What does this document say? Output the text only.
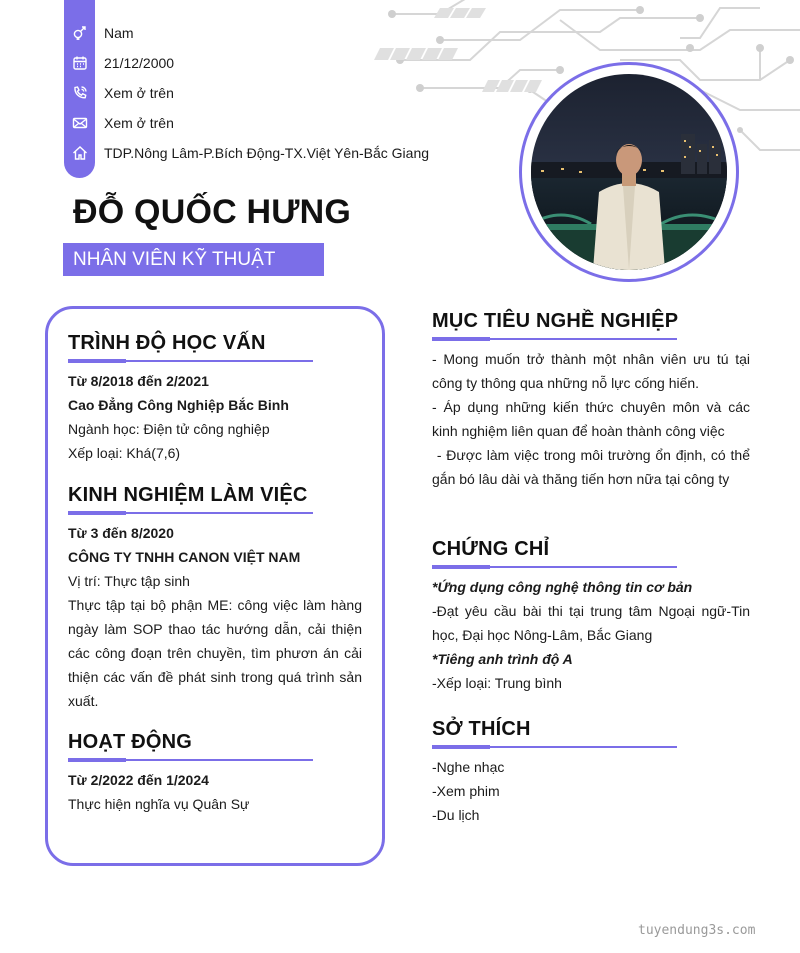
Nam
21/12/2000
Xem ở trên
Xem ở trên
TDP.Nông Lâm-P.Bích Động-TX.Việt Yên-Bắc Giang
ĐỖ QUỐC HƯNG
NHÂN VIÊN KỸ THUẬT
TRÌNH ĐỘ HỌC VẤN
Từ 8/2018 đến 2/2021
Cao Đẳng Công Nghiệp Bắc Binh
Ngành học: Điện tử công nghiệp
Xếp loại: Khá(7,6)
KINH NGHIỆM LÀM VIỆC
Từ 3 đến 8/2020
CÔNG TY TNHH CANON VIỆT NAM
Vị trí: Thực tập sinh
Thực tập tại bộ phận ME: công việc làm hàng ngày làm SOP thao tác hướng dẫn, cải thiện các công đoạn trên chuyền, tìm phươn án cải thiện các vấn đề phát sinh trong quá trình sản xuất.
HOẠT ĐỘNG
Từ 2/2022 đến 1/2024
Thực hiện nghĩa vụ Quân Sự
MỤC TIÊU NGHỀ NGHIỆP
- Mong muốn trở thành một nhân viên ưu tú tại công ty thông qua những nỗ lực cống hiến.
- Áp dụng những kiến thức chuyên môn và các kinh nghiệm liên quan để hoàn thành công việc
- Được làm việc trong môi trường ổn định, có thể gắn bó lâu dài và thăng tiến hơn nữa tại công ty
CHỨNG CHỈ
*Ứng dụng công nghệ thông tin cơ bản
-Đạt yêu cầu bài thi tại trung tâm Ngoại ngữ-Tin học, Đại học Nông-Lâm, Bắc Giang
*Tiêng anh trình độ A
-Xếp loại: Trung bình
SỞ THÍCH
-Nghe nhạc
-Xem phim
-Du lịch
tuyendung3s.com
